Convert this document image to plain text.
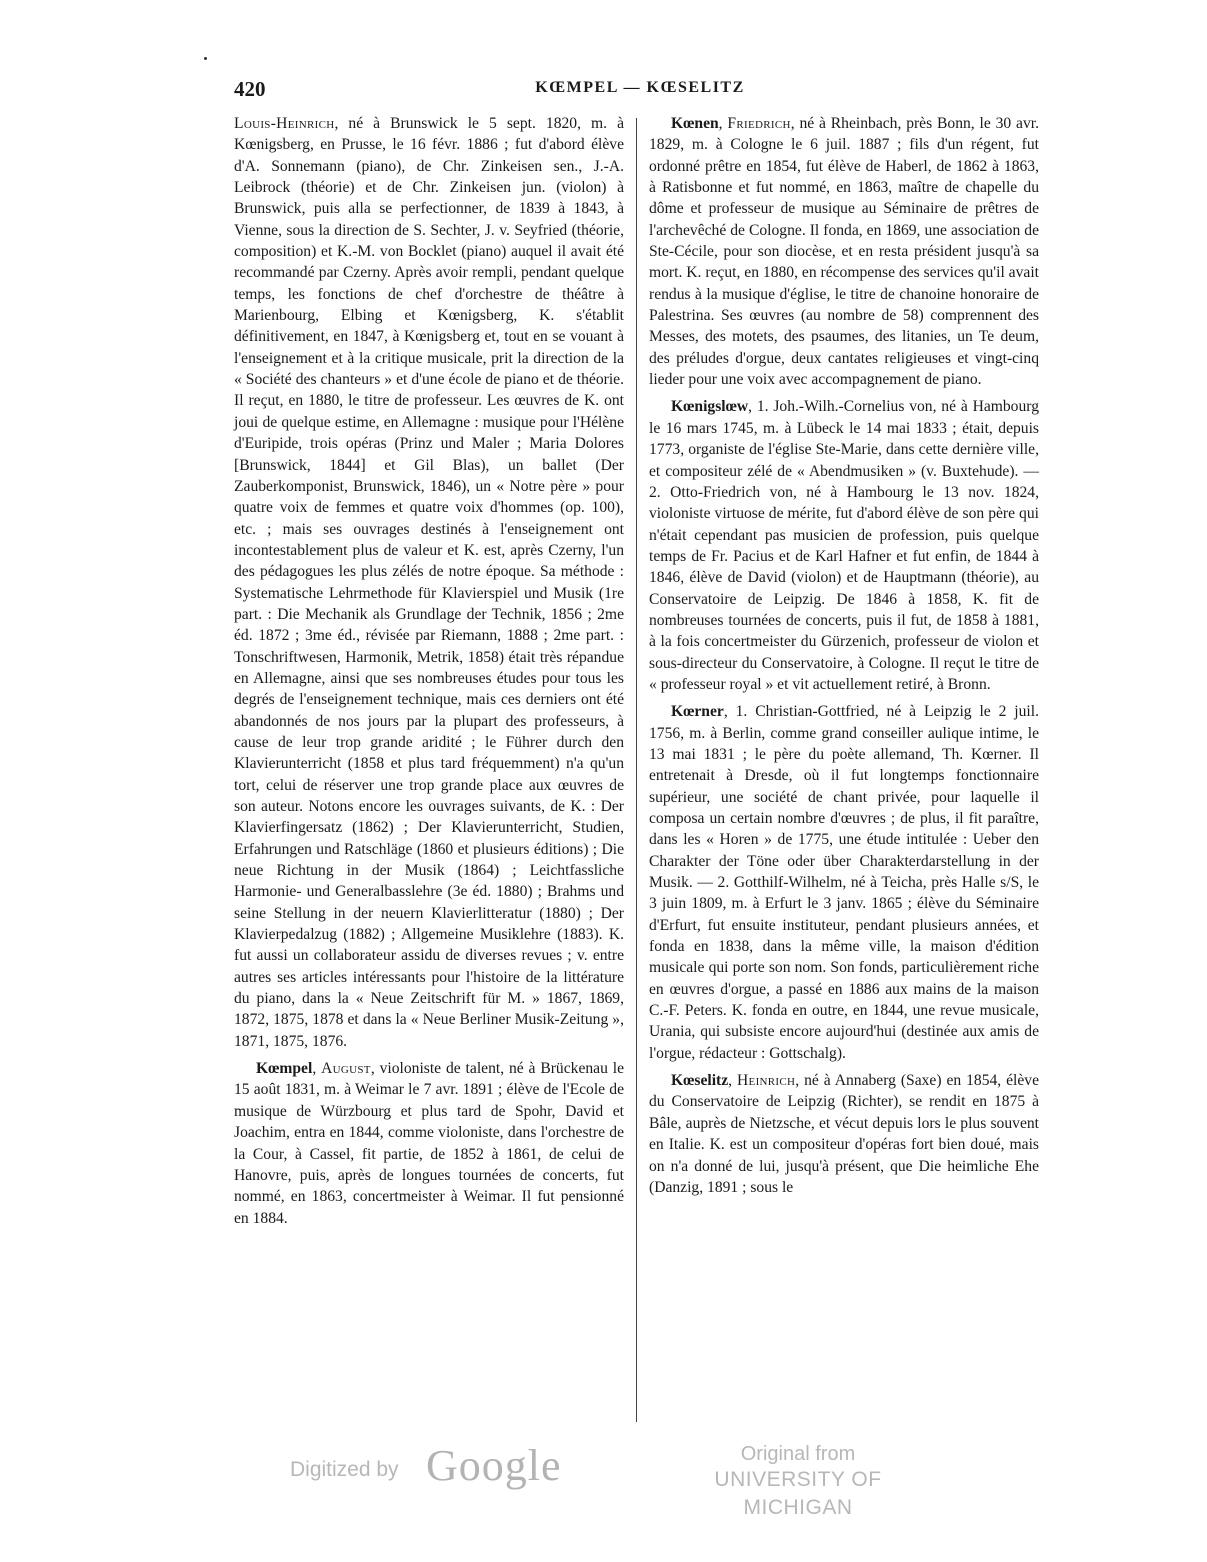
420	KŒMPEL — KŒSELITZ

Louis-Heinrich, né à Brunswick le 5 sept. 1820, m. à Kœnigsberg, en Prusse, le 16 févr. 1886 ; fut d'abord élève d'A. Sonnemann (piano), de Chr. Zinkeisen sen., J.-A. Leibrock (théorie) et de Chr. Zinkeisen jun. (violon) à Brunswick, puis alla se perfectionner, de 1839 à 1843, à Vienne, sous la direction de S. Sechter, J. v. Seyfried (théorie, composition) et K.-M. von Bocklet (piano) auquel il avait été recommandé par Czerny. Après avoir rempli, pendant quelque temps, les fonctions de chef d'orchestre de théâtre à Marienbourg, Elbing et Kœnigsberg, K. s'établit définitivement, en 1847, à Kœnigsberg et, tout en se vouant à l'enseignement et à la critique musicale, prit la direction de la « Société des chanteurs » et d'une école de piano et de théorie. Il reçut, en 1880, le titre de professeur. Les œuvres de K. ont joui de quelque estime, en Allemagne : musique pour l'Hélène d'Euripide, trois opéras (Prinz und Maler ; Maria Dolores [Brunswick, 1844] et Gil Blas), un ballet (Der Zauberkomponist, Brunswick, 1846), un « Notre père » pour quatre voix de femmes et quatre voix d'hommes (op. 100), etc. ; mais ses ouvrages destinés à l'enseignement ont incontestablement plus de valeur et K. est, après Czerny, l'un des pédagogues les plus zélés de notre époque. Sa méthode : Systematische Lehrmethode für Klavierspiel und Musik (1re part. : Die Mechanik als Grundlage der Technik, 1856 ; 2me éd. 1872 ; 3me éd., révisée par Riemann, 1888 ; 2me part. : Tonschriftwesen, Harmonik, Metrik, 1858) était très répandue en Allemagne, ainsi que ses nombreuses études pour tous les degrés de l'enseignement technique, mais ces derniers ont été abandonnés de nos jours par la plupart des professeurs, à cause de leur trop grande aridité ; le Führer durch den Klavierunterricht (1858 et plus tard fréquemment) n'a qu'un tort, celui de réserver une trop grande place aux œuvres de son auteur. Notons encore les ouvrages suivants, de K. : Der Klavierfingersatz (1862) ; Der Klavierunterricht, Studien, Erfahrungen und Ratschläge (1860 et plusieurs éditions) ; Die neue Richtung in der Musik (1864) ; Leichtfassliche Harmonie- und Generalbasslehre (3e éd. 1880) ; Brahms und seine Stellung in der neuern Klavierlitteratur (1880) ; Der Klavierpedalzug (1882) ; Allgemeine Musiklehre (1883). K. fut aussi un collaborateur assidu de diverses revues ; v. entre autres ses articles intéressants pour l'histoire de la littérature du piano, dans la « Neue Zeitschrift für M. » 1867, 1869, 1872, 1875, 1878 et dans la « Neue Berliner Musik-Zeitung », 1871, 1875, 1876.

Kœmpel, August, violoniste de talent, né à Brückenau le 15 août 1831, m. à Weimar le 7 avr. 1891 ; élève de l'Ecole de musique de Würzbourg et plus tard de Spohr, David et Joachim, entra en 1844, comme violoniste, dans l'orchestre de la Cour, à Cassel, fit partie, de 1852 à 1861, de celui de Hanovre, puis, après de longues tournées de concerts, fut nommé, en 1863, concertmeister à Weimar. Il fut pensionné en 1884.

Kœnen, Friedrich, né à Rheinbach, près Bonn, le 30 avr. 1829, m. à Cologne le 6 juil. 1887 ; fils d'un régent, fut ordonné prêtre en 1854, fut élève de Haberl, de 1862 à 1863, à Ratisbonne et fut nommé, en 1863, maître de chapelle du dôme et professeur de musique au Séminaire de prêtres de l'archevêché de Cologne. Il fonda, en 1869, une association de Ste-Cécile, pour son diocèse, et en resta président jusqu'à sa mort. K. reçut, en 1880, en récompense des services qu'il avait rendus à la musique d'église, le titre de chanoine honoraire de Palestrina. Ses œuvres (au nombre de 58) comprennent des Messes, des motets, des psaumes, des litanies, un Te deum, des préludes d'orgue, deux cantates religieuses et vingt-cinq lieder pour une voix avec accompagnement de piano.

Kœnigslœw, 1. Joh.-Wilh.-Cornelius von, né à Hambourg le 16 mars 1745, m. à Lübeck le 14 mai 1833 ; était, depuis 1773, organiste de l'église Ste-Marie, dans cette dernière ville, et compositeur zélé de « Abendmusiken » (v. Buxtehude). — 2. Otto-Friedrich von, né à Hambourg le 13 nov. 1824, violoniste virtuose de mérite, fut d'abord élève de son père qui n'était cependant pas musicien de profession, puis quelque temps de Fr. Pacius et de Karl Hafner et fut enfin, de 1844 à 1846, élève de David (violon) et de Hauptmann (théorie), au Conservatoire de Leipzig. De 1846 à 1858, K. fit de nombreuses tournées de concerts, puis il fut, de 1858 à 1881, à la fois concertmeister du Gürzenich, professeur de violon et sous-directeur du Conservatoire, à Cologne. Il reçut le titre de « professeur royal » et vit actuellement retiré, à Bronn.

Kœrner, 1. Christian-Gottfried, né à Leipzig le 2 juil. 1756, m. à Berlin, comme grand conseiller aulique intime, le 13 mai 1831 ; le père du poète allemand, Th. Kœrner. Il entretenait à Dresde, où il fut longtemps fonctionnaire supérieur, une société de chant privée, pour laquelle il composa un certain nombre d'œuvres ; de plus, il fit paraître, dans les « Horen » de 1775, une étude intitulée : Ueber den Charakter der Töne oder über Charakterdarstellung in der Musik. — 2. Gotthilf-Wilhelm, né à Teicha, près Halle s/S, le 3 juin 1809, m. à Erfurt le 3 janv. 1865 ; élève du Séminaire d'Erfurt, fut ensuite instituteur, pendant plusieurs années, et fonda en 1838, dans la même ville, la maison d'édition musicale qui porte son nom. Son fonds, particulièrement riche en œuvres d'orgue, a passé en 1886 aux mains de la maison C.-F. Peters. K. fonda en outre, en 1844, une revue musicale, Urania, qui subsiste encore aujourd'hui (destinée aux amis de l'orgue, rédacteur : Gottschalg).

Kœselitz, Heinrich, né à Annaberg (Saxe) en 1854, élève du Conservatoire de Leipzig (Richter), se rendit en 1875 à Bâle, auprès de Nietzsche, et vécut depuis lors le plus souvent en Italie. K. est un compositeur d'opéras fort bien doué, mais on n'a donné de lui, jusqu'à présent, que Die heimliche Ehe (Danzig, 1891 ; sous le

Digitized by Google	Original from
UNIVERSITY OF MICHIGAN
